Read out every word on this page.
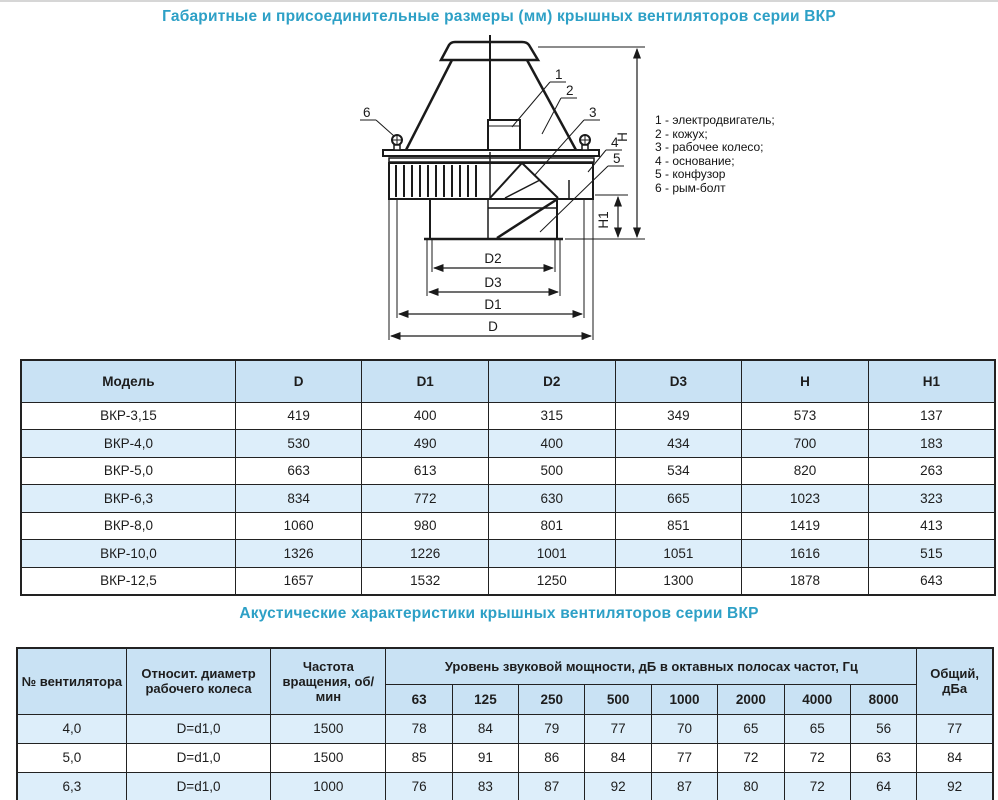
Габаритные и присоединительные размеры (мм) крышных вентиляторов серии ВКР
1
2
3
4
5
6
D2
D3
D1
D
H
H1
1 - электродвигатель;
2 - кожух;
3 - рабочее колесо;
4 - основание;
5 - конфузор
6 - рым-болт
Модель	D	D1	D2	D3	H	H1
ВКР-3,15	419	400	315	349	573	137
ВКР-4,0	530	490	400	434	700	183
ВКР-5,0	663	613	500	534	820	263
ВКР-6,3	834	772	630	665	1023	323
ВКР-8,0	1060	980	801	851	1419	413
ВКР-10,0	1326	1226	1001	1051	1616	515
ВКР-12,5	1657	1532	1250	1300	1878	643
Акустические характеристики крышных вентиляторов серии ВКР
№ вентилятора	Относит. диаметр рабочего колеса	Частота вращения, об/мин	Уровень звуковой мощности, дБ в октавных полосах частот, Гц								Общий, дБа
			63	125	250	500	1000	2000	4000	8000	
4,0	D=d1,0	1500	78	84	79	77	70	65	65	56	77
5,0	D=d1,0	1500	85	91	86	84	77	72	72	63	84
6,3	D=d1,0	1000	76	83	87	92	87	80	72	64	92
